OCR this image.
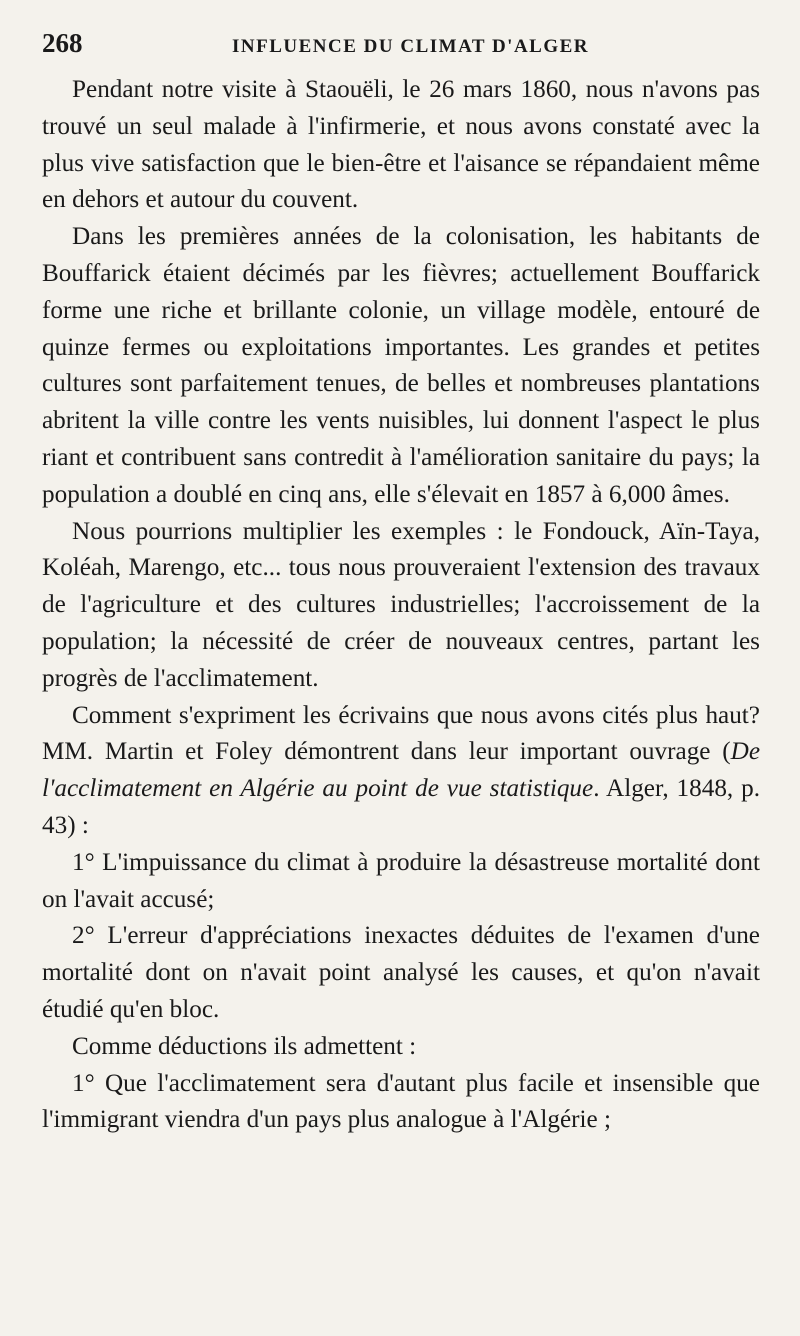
268	INFLUENCE DU CLIMAT D'ALGER

Pendant notre visite à Staouëli, le 26 mars 1860, nous n'avons pas trouvé un seul malade à l'infirmerie, et nous avons constaté avec la plus vive satisfaction que le bien-être et l'aisance se répandaient même en dehors et autour du couvent.

Dans les premières années de la colonisation, les habitants de Bouffarick étaient décimés par les fièvres; actuellement Bouffarick forme une riche et brillante colonie, un village modèle, entouré de quinze fermes ou exploitations importantes. Les grandes et petites cultures sont parfaitement tenues, de belles et nombreuses plantations abritent la ville contre les vents nuisibles, lui donnent l'aspect le plus riant et contribuent sans contredit à l'amélioration sanitaire du pays; la population a doublé en cinq ans, elle s'élevait en 1857 à 6,000 âmes.

Nous pourrions multiplier les exemples : le Fondouck, Aïn-Taya, Koléah, Marengo, etc... tous nous prouveraient l'extension des travaux de l'agriculture et des cultures industrielles; l'accroissement de la population; la nécessité de créer de nouveaux centres, partant les progrès de l'acclimatement.

Comment s'expriment les écrivains que nous avons cités plus haut? MM. Martin et Foley démontrent dans leur important ouvrage (De l'acclimatement en Algérie au point de vue statistique. Alger, 1848, p. 43) :

1° L'impuissance du climat à produire la désastreuse mortalité dont on l'avait accusé;

2° L'erreur d'appréciations inexactes déduites de l'examen d'une mortalité dont on n'avait point analysé les causes, et qu'on n'avait étudié qu'en bloc.

Comme déductions ils admettent :

1° Que l'acclimatement sera d'autant plus facile et insensible que l'immigrant viendra d'un pays plus analogue à l'Algérie ;
